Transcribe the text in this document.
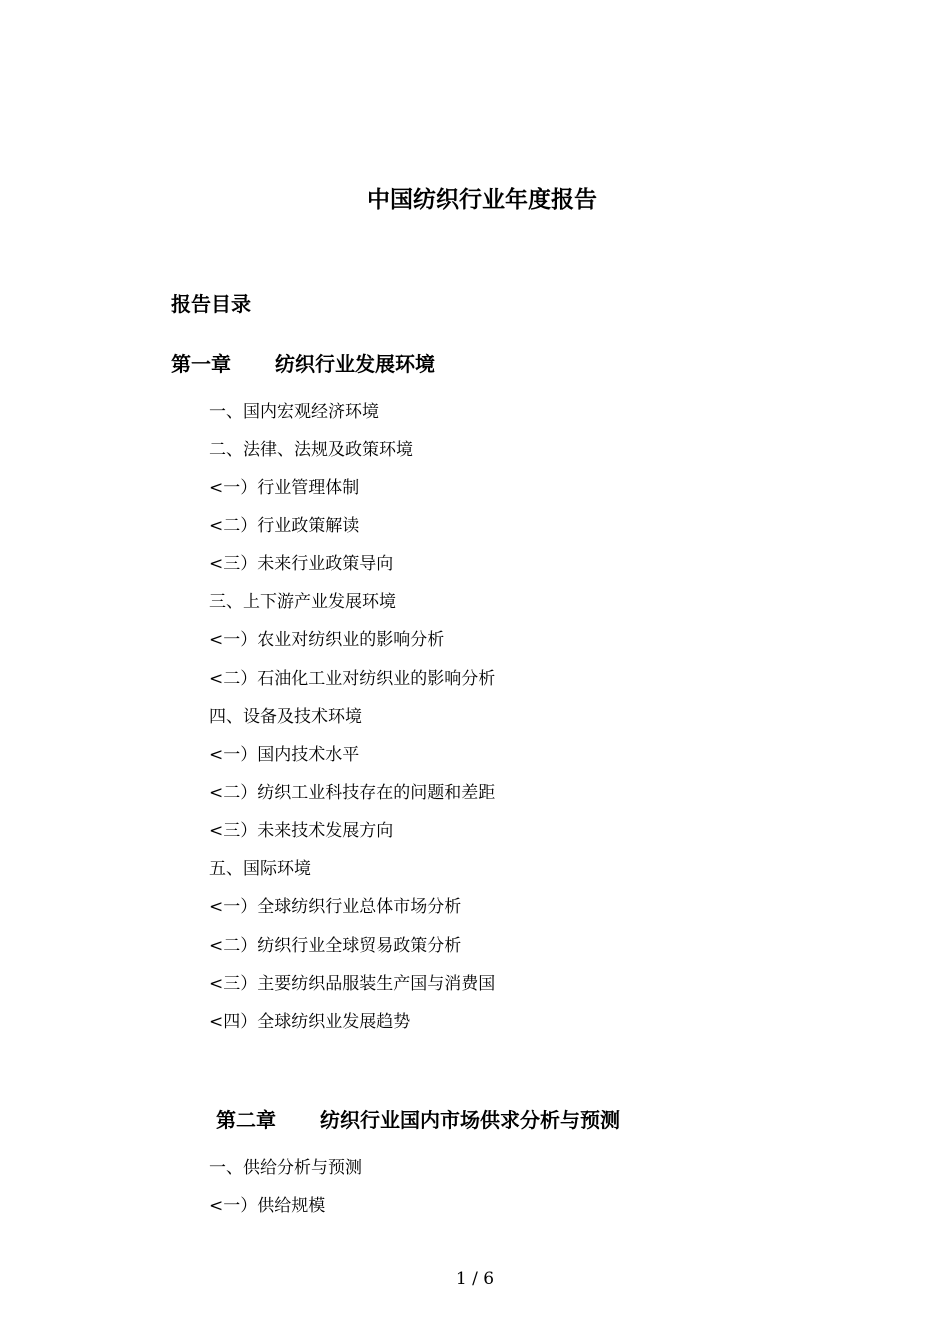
中国纺织行业年度报告
报告目录
第一章 纺织行业发展环境
一、国内宏观经济环境
二、法律、法规及政策环境
<一）行业管理体制
<二）行业政策解读
<三）未来行业政策导向
三、上下游产业发展环境
<一）农业对纺织业的影响分析
<二）石油化工业对纺织业的影响分析
四、设备及技术环境
<一）国内技术水平
<二）纺织工业科技存在的问题和差距
<三）未来技术发展方向
五、国际环境
<一）全球纺织行业总体市场分析
<二）纺织行业全球贸易政策分析
<三）主要纺织品服装生产国与消费国
<四）全球纺织业发展趋势
第二章 纺织行业国内市场供求分析与预测
一、供给分析与预测
<一）供给规模
1 / 6
